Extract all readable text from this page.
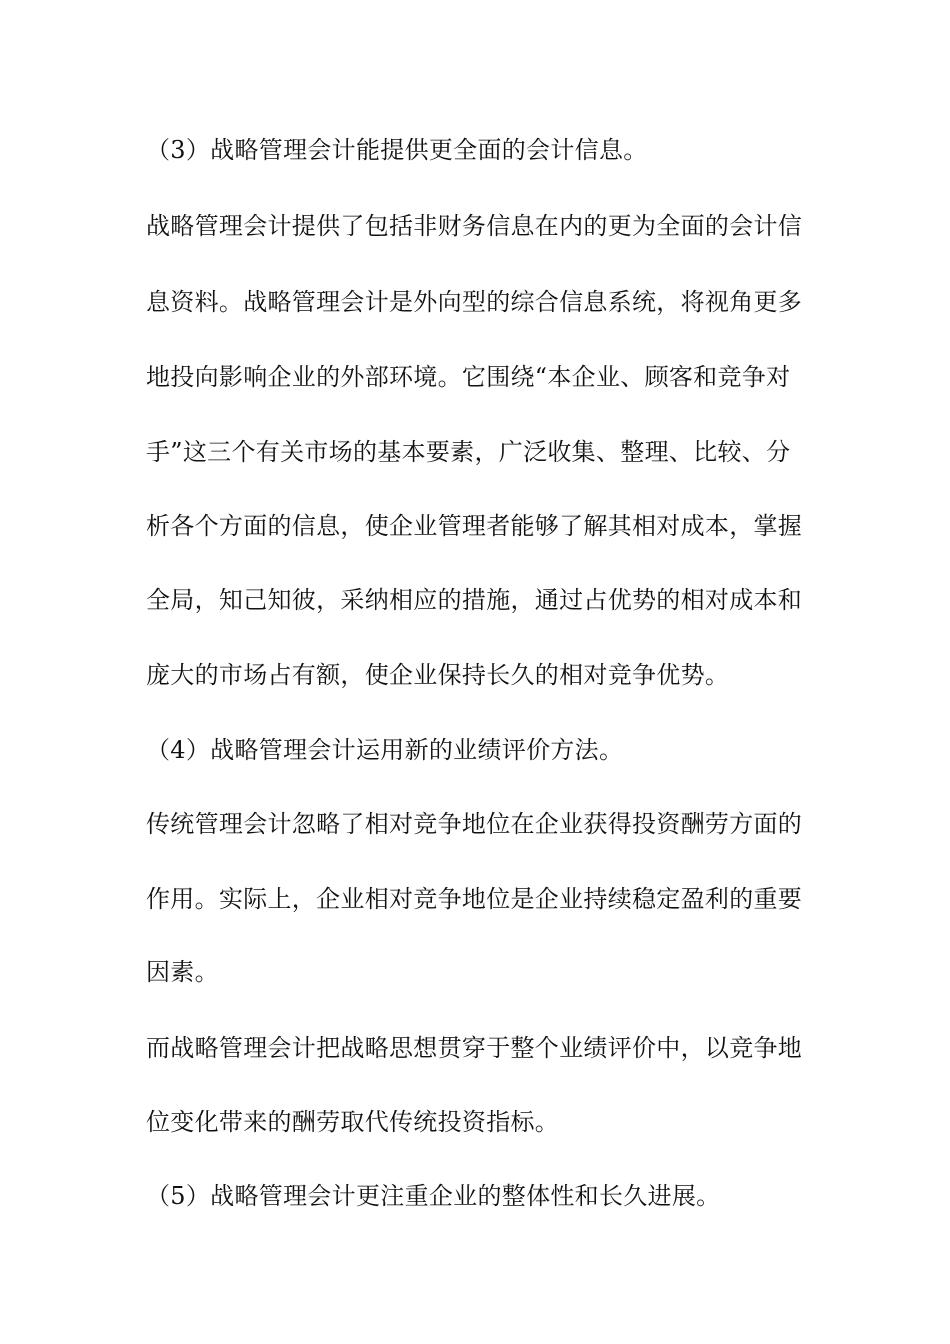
（3）战略管理会计能提供更全面的会计信息。
战略管理会计提供了包括非财务信息在内的更为全面的会计信
息资料。战略管理会计是外向型的综合信息系统，将视角更多
地投向影响企业的外部环境。它围绕“本企业、顾客和竞争对
手”这三个有关市场的基本要素，广泛收集、整理、比较、分
析各个方面的信息，使企业管理者能够了解其相对成本，掌握
全局，知己知彼，采纳相应的措施，通过占优势的相对成本和
庞大的市场占有额，使企业保持长久的相对竞争优势。
（4）战略管理会计运用新的业绩评价方法。
传统管理会计忽略了相对竞争地位在企业获得投资酬劳方面的
作用。实际上，企业相对竞争地位是企业持续稳定盈利的重要
因素。
而战略管理会计把战略思想贯穿于整个业绩评价中，以竞争地
位变化带来的酬劳取代传统投资指标。
（5）战略管理会计更注重企业的整体性和长久进展。
